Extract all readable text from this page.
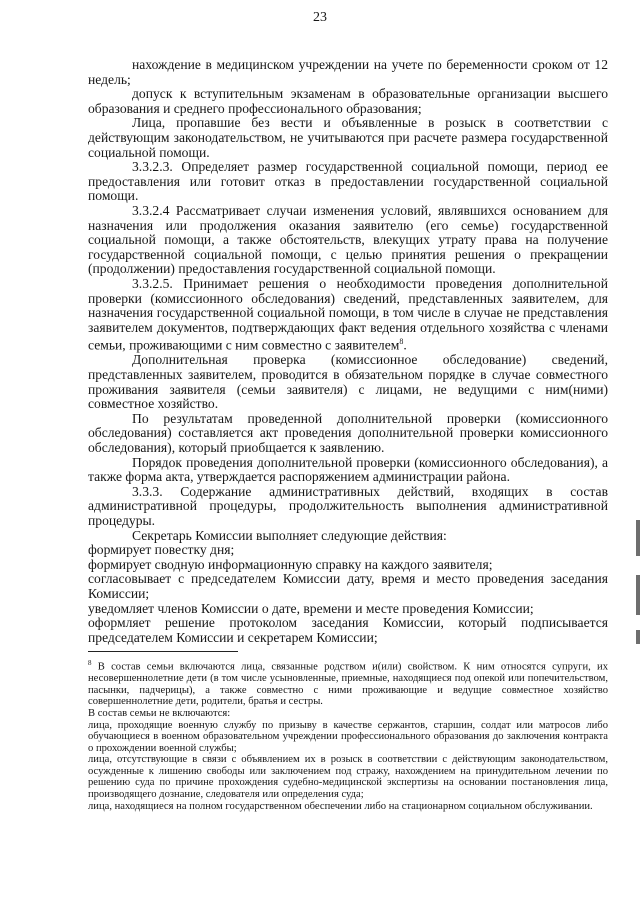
23

нахождение в медицинском учреждении на учете по беременности сроком от 12 недель;

допуск к вступительным экзаменам в образовательные организации высшего образования и среднего профессионального образования;

Лица, пропавшие без вести и объявленные в розыск в соответствии с действующим законодательством, не учитываются при расчете размера государственной социальной помощи.

3.3.2.3. Определяет размер государственной социальной помощи, период ее предоставления или готовит отказ в предоставлении государственной социальной помощи.

3.3.2.4 Рассматривает случаи изменения условий, являвшихся основанием для назначения или продолжения оказания заявителю (его семье) государственной социальной помощи, а также обстоятельств, влекущих утрату права на получение государственной социальной помощи, с целью принятия решения о прекращении (продолжении) предоставления государственной социальной помощи.

3.3.2.5. Принимает решения о необходимости проведения дополнительной проверки (комиссионного обследования) сведений, представленных заявителем, для назначения государственной социальной помощи, в том числе в случае не представления заявителем документов, подтверждающих факт ведения отдельного хозяйства с членами семьи, проживающими с ним совместно с заявителем$^8$.

Дополнительная проверка (комиссионное обследование) сведений, представленных заявителем, проводится в обязательном порядке в случае совместного проживания заявителя (семьи заявителя) с лицами, не ведущими с ним(ними) совместное хозяйство.

По результатам проведенной дополнительной проверки (комиссионного обследования) составляется акт проведения дополнительной проверки комиссионного обследования), который приобщается к заявлению.

Порядок проведения дополнительной проверки (комиссионного обследования), а также форма акта, утверждается распоряжением администрации района.

3.3.3. Содержание административных действий, входящих в состав административной процедуры, продолжительность выполнения административной процедуры.

Секретарь Комиссии выполняет следующие действия:

формирует повестку дня;

формирует сводную информационную справку на каждого заявителя;

согласовывает с председателем Комиссии дату, время и место проведения заседания Комиссии;

уведомляет членов Комиссии о дате, времени и месте проведения Комиссии;

оформляет решение протоколом заседания Комиссии, который подписывается председателем Комиссии и секретарем Комиссии;

$^8$ В состав семьи включаются лица, связанные родством и(или) свойством. К ним относятся супруги, их несовершеннолетние дети (в том числе усыновленные, приемные, находящиеся под опекой или попечительством, пасынки, падчерицы), а также совместно с ними проживающие и ведущие совместное хозяйство совершеннолетние дети, родители, братья и сестры.

В состав семьи не включаются:

лица, проходящие военную службу по призыву в качестве сержантов, старшин, солдат или матросов либо обучающиеся в военном образовательном учреждении профессионального образования до заключения контракта о прохождении военной службы;

лица, отсутствующие в связи с объявлением их в розыск в соответствии с действующим законодательством, осужденные к лишению свободы или заключением под стражу, нахождением на принудительном лечении по решению суда по причине прохождения судебно-медицинской экспертизы на основании постановления лица, производящего дознание, следователя или определения суда;

лица, находящиеся на полном государственном обеспечении либо на стационарном социальном обслуживании.
